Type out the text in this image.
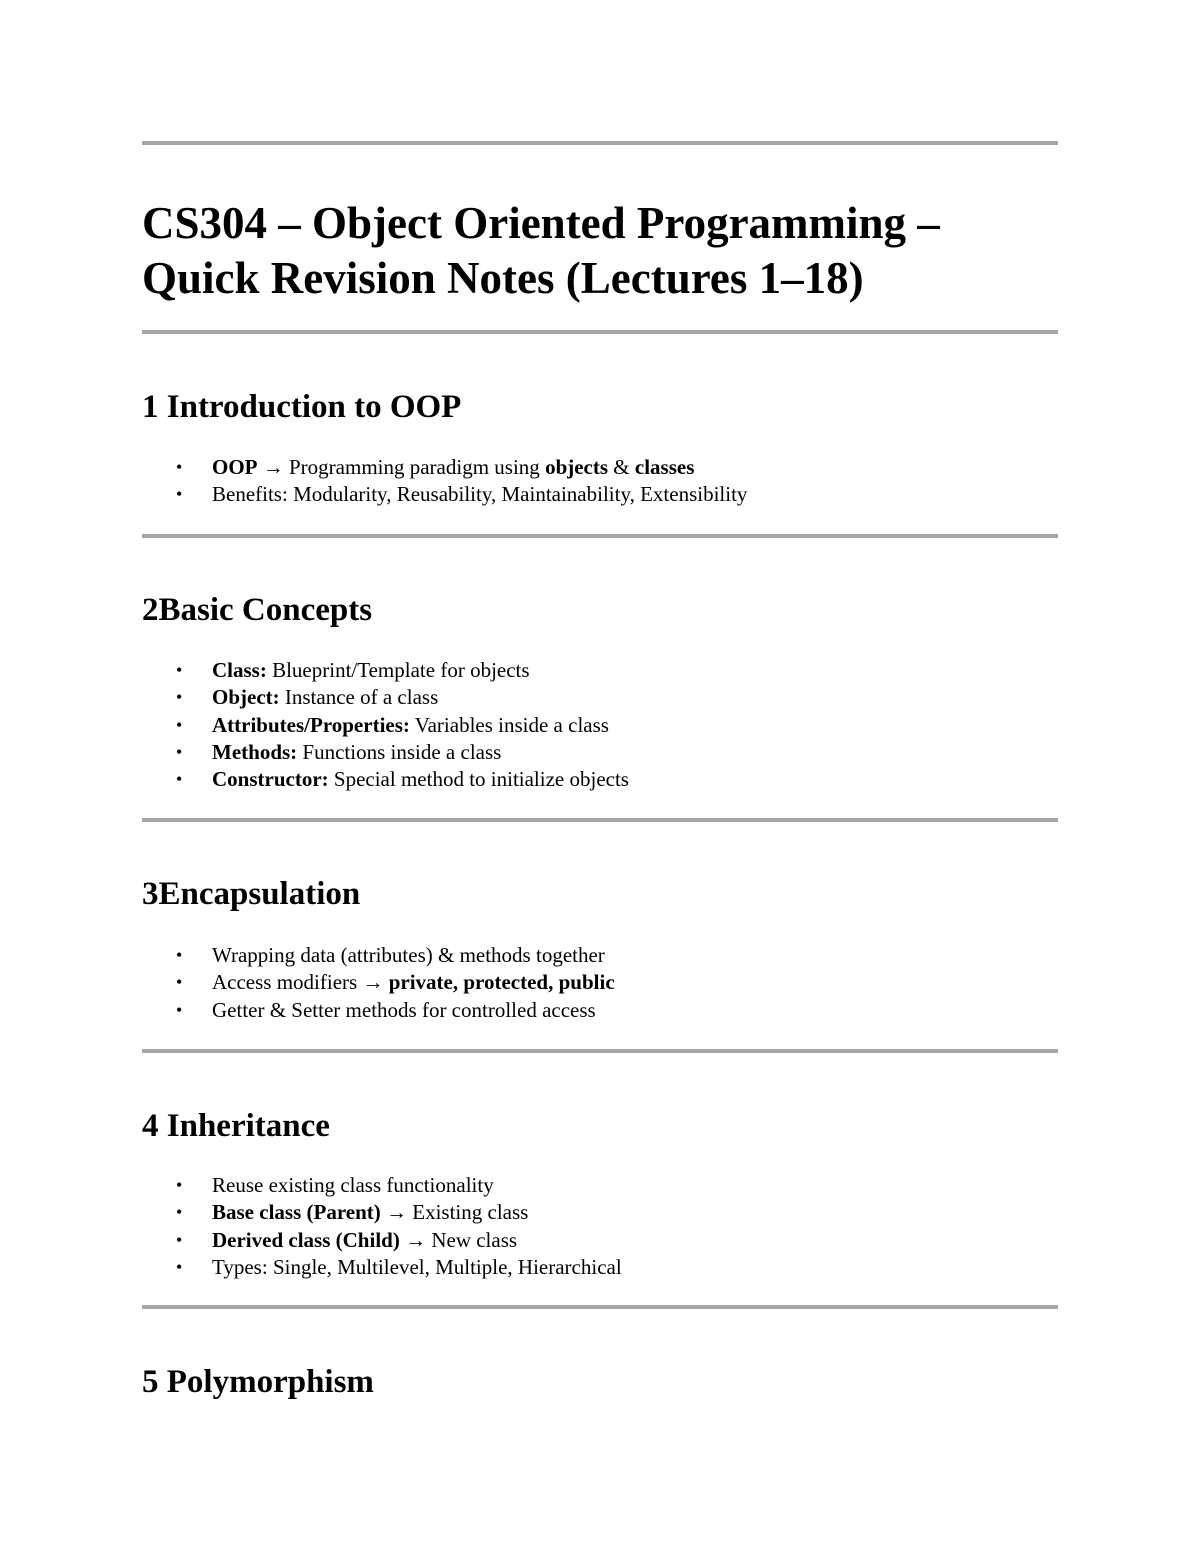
CS304 – Object Oriented Programming –
Quick Revision Notes (Lectures 1–18)
1 Introduction to OOP
• OOP → Programming paradigm using objects & classes
• Benefits: Modularity, Reusability, Maintainability, Extensibility
2Basic Concepts
• Class: Blueprint/Template for objects
• Object: Instance of a class
• Attributes/Properties: Variables inside a class
• Methods: Functions inside a class
• Constructor: Special method to initialize objects
3Encapsulation
• Wrapping data (attributes) & methods together
• Access modifiers → private, protected, public
• Getter & Setter methods for controlled access
4 Inheritance
• Reuse existing class functionality
• Base class (Parent) → Existing class
• Derived class (Child) → New class
• Types: Single, Multilevel, Multiple, Hierarchical
5 Polymorphism
